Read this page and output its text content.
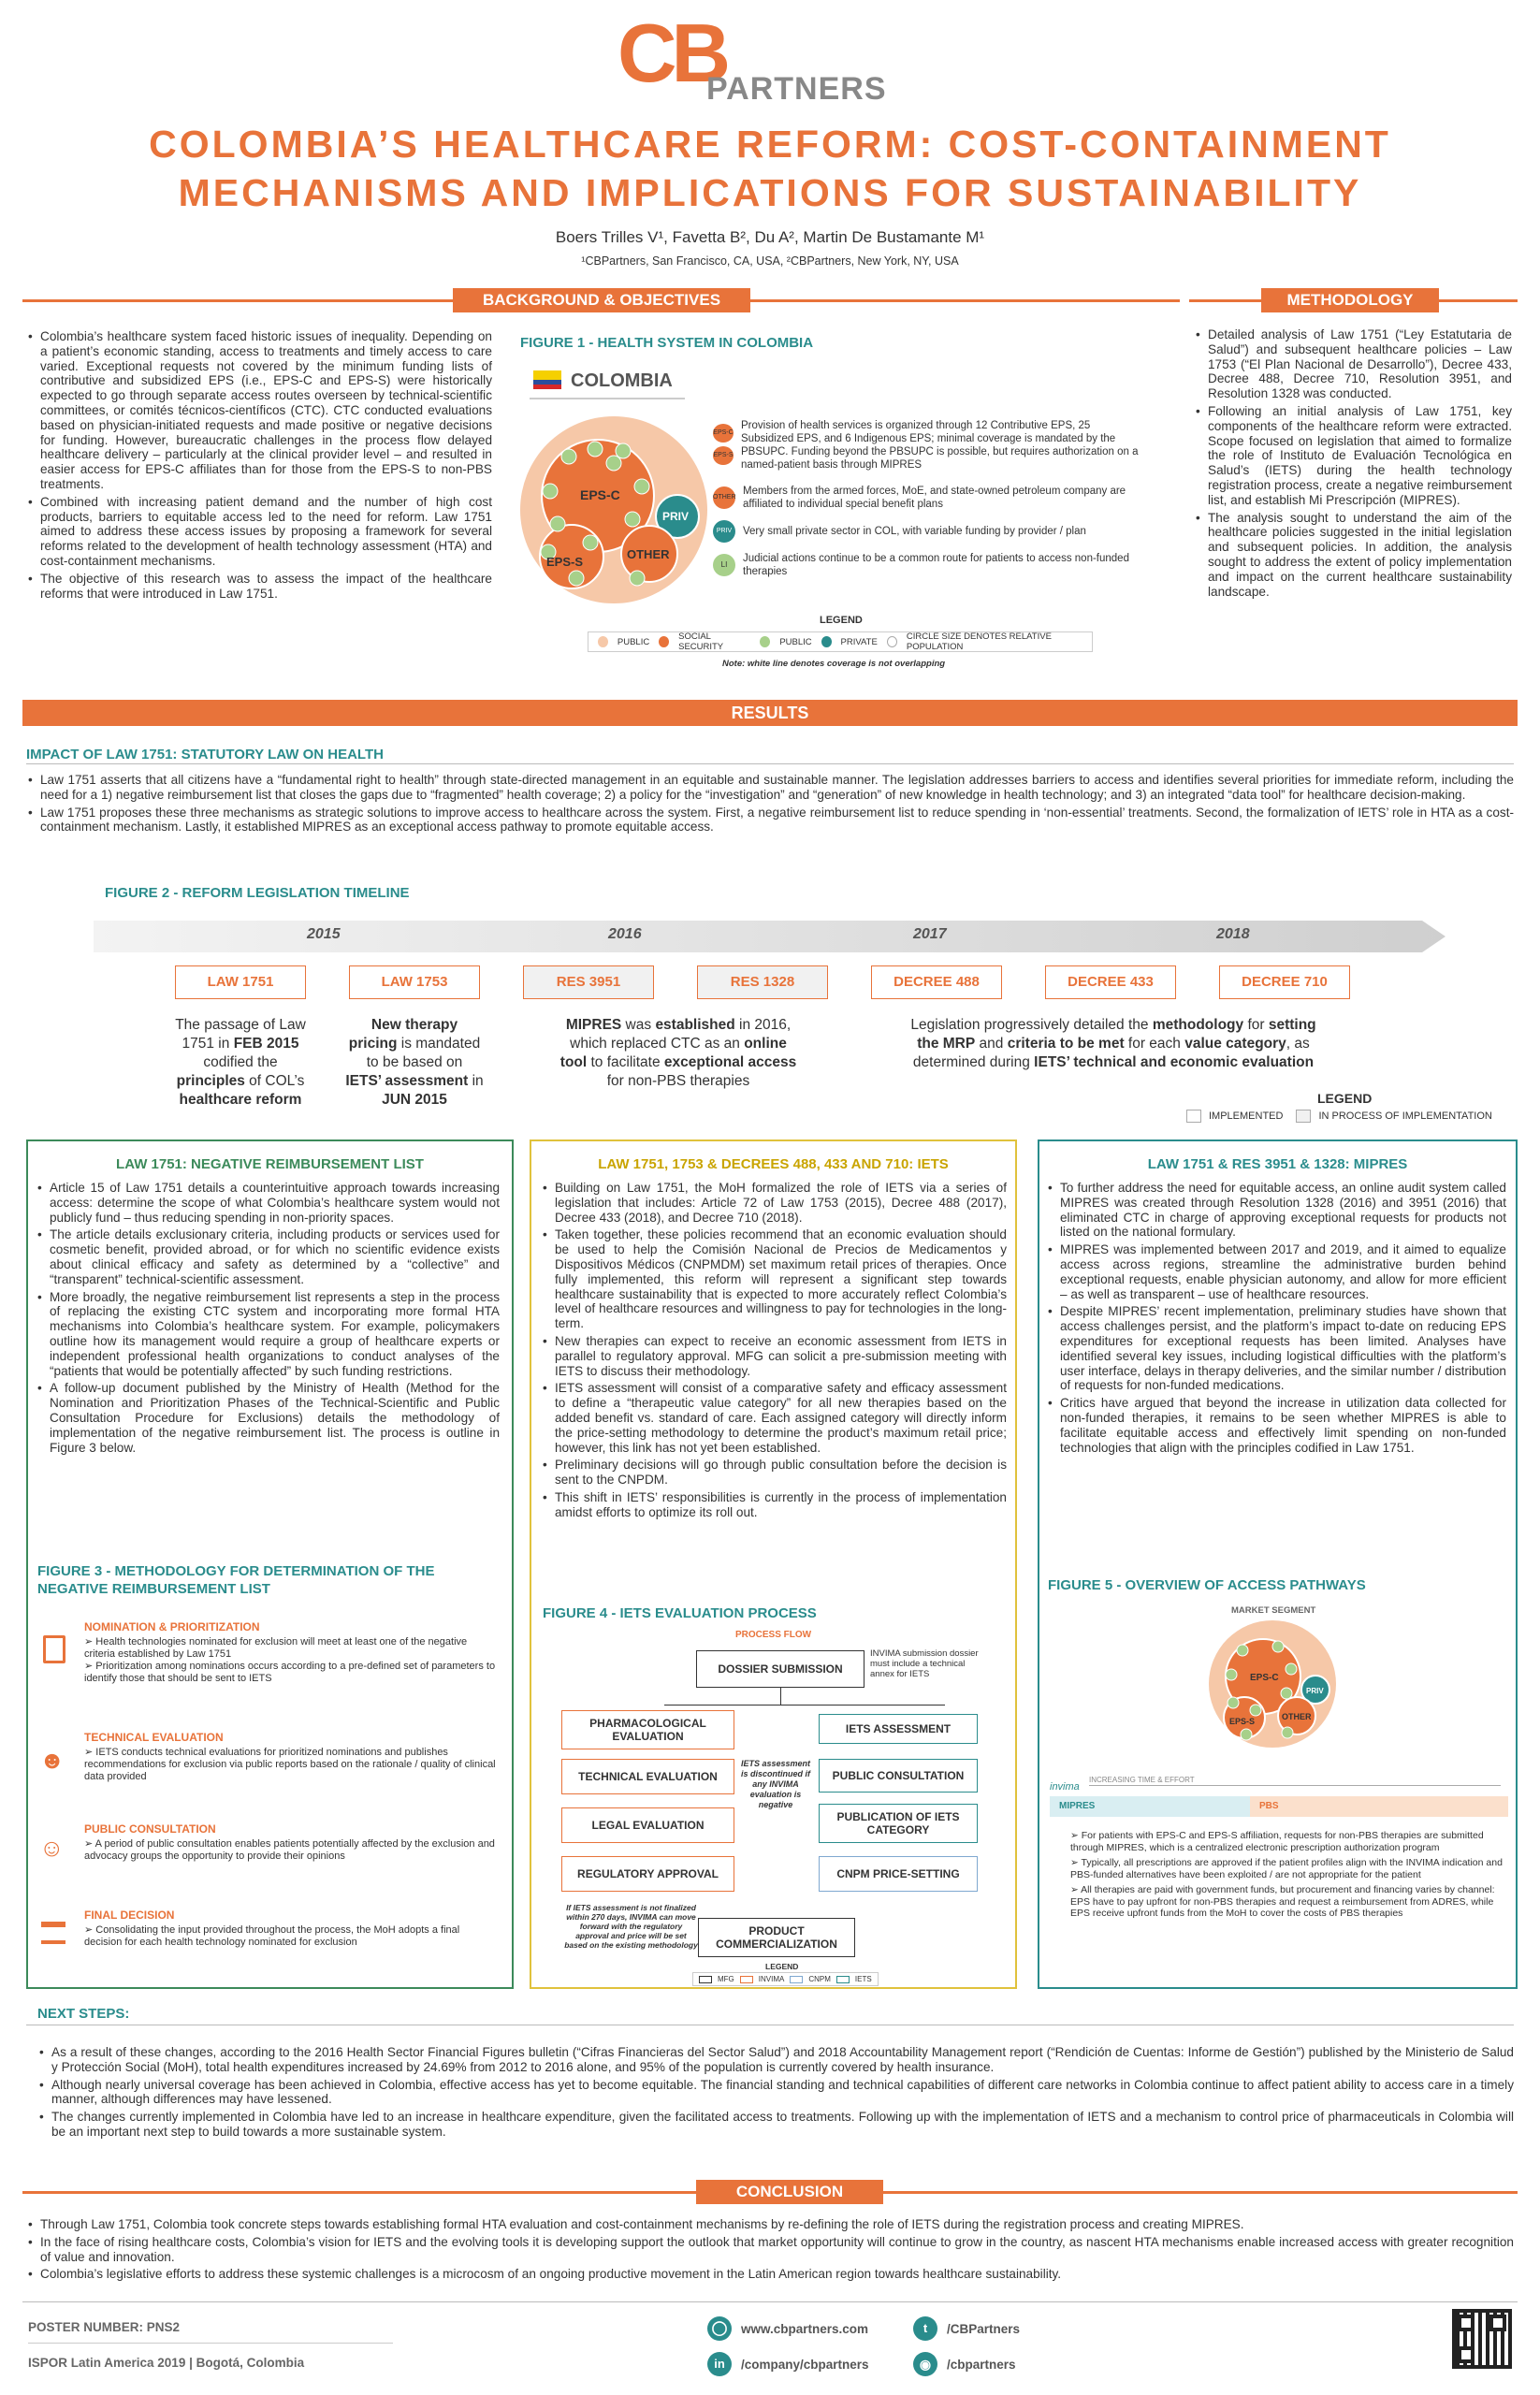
CB
PARTNERS
COLOMBIA’S HEALTHCARE REFORM: COST-CONTAINMENT
MECHANISMS AND IMPLICATIONS FOR SUSTAINABILITY
Boers Trilles V¹, Favetta B², Du A², Martin De Bustamante M¹
¹CBPartners, San Francisco, CA, USA, ²CBPartners, New York, NY, USA
BACKGROUND & OBJECTIVES	METHODOLOGY
• Colombia’s healthcare system faced historic issues of inequality. Depending on a patient’s economic standing, access to treatments and timely access to care varied. Exceptional requests not covered by the minimum funding lists of contributive and subsidized EPS (i.e., EPS-C and EPS-S) were historically expected to go through separate access routes overseen by technical-scientific committees, or comités técnicos-científicos (CTC). CTC conducted evaluations based on physician-initiated requests and made positive or negative decisions for funding. However, bureaucratic challenges in the process flow delayed healthcare delivery – particularly at the clinical provider level – and resulted in easier access for EPS-C affiliates than for those from the EPS-S to non-PBS treatments.
• Combined with increasing patient demand and the number of high cost products, barriers to equitable access led to the need for reform. Law 1751 aimed to address these access issues by proposing a framework for several reforms related to the development of health technology assessment (HTA) and cost-containment mechanisms.
• The objective of this research was to assess the impact of the healthcare reforms that were introduced in Law 1751.
FIGURE 1 - HEALTH SYSTEM IN COLOMBIA
COLOMBIA
EPS-C
EPS-S
PRIV
OTHER
EPS-C
EPS-S
Provision of health services is organized through 12 Contributive EPS, 25 Subsidized EPS, and 6 Indigenous EPS; minimal coverage is mandated by the PBSUPC. Funding beyond the PBSUPC is possible, but requires authorization on a named-patient basis through MIPRES
OTHER
Members from the armed forces, MoE, and state-owned petroleum company are affiliated to individual special benefit plans
PRIV	Very small private sector in COL, with variable funding by provider / plan
LI
Judicial actions continue to be a common route for patients to access non-funded therapies
LEGEND
PUBLIC	SOCIAL SECURITY	PUBLIC	PRIVATE	CIRCLE SIZE DENOTES RELATIVE POPULATION
Note: white line denotes coverage is not overlapping
• Detailed analysis of Law 1751 (“Ley Estatutaria de Salud”) and subsequent healthcare policies – Law 1753 (“El Plan Nacional de Desarrollo”), Decree 433, Decree 488, Decree 710, Resolution 3951, and Resolution 1328 was conducted.
• Following an initial analysis of Law 1751, key components of the healthcare reform were extracted. Scope focused on legislation that aimed to formalize the role of Instituto de Evaluación Tecnológica en Salud’s (IETS) during the health technology registration process, create a negative reimbursement list, and establish Mi Prescripción (MIPRES).
• The analysis sought to understand the aim of the healthcare policies suggested in the initial legislation and subsequent policies. In addition, the analysis sought to address the extent of policy implementation and impact on the current healthcare sustainability landscape.
RESULTS
IMPACT OF LAW 1751: STATUTORY LAW ON HEALTH
• Law 1751 asserts that all citizens have a “fundamental right to health” through state-directed management in an equitable and sustainable manner. The legislation addresses barriers to access and identifies several priorities for immediate reform, including the need for a 1) negative reimbursement list that closes the gaps due to “fragmented” health coverage; 2) a policy for the “investigation” and “generation” of new knowledge in health technology; and 3) an integrated “data tool” for healthcare decision-making.
• Law 1751 proposes these three mechanisms as strategic solutions to improve access to healthcare across the system. First, a negative reimbursement list to reduce spending in ‘non-essential’ treatments. Second, the formalization of IETS’ role in HTA as a cost-containment mechanism. Lastly, it established MIPRES as an exceptional access pathway to promote equitable access.
FIGURE 2 - REFORM LEGISLATION TIMELINE
2015	2016	2017	2018
LAW 1751	LAW 1753	RES 3951	RES 1328	DECREE 488	DECREE 433	DECREE 710
The passage of Law
1751 in FEB 2015
codified the
principles of COL’s
healthcare reform
New therapy
pricing is mandated
to be based on
IETS’ assessment in
JUN 2015
MIPRES was established in 2016,
which replaced CTC as an online
tool to facilitate exceptional access
for non-PBS therapies
Legislation progressively detailed the methodology for setting
the MRP and criteria to be met for each value category, as
determined during IETS’ technical and economic evaluation
LEGEND
IMPLEMENTED	IN PROCESS OF IMPLEMENTATION
LAW 1751: NEGATIVE REIMBURSEMENT LIST
• Article 15 of Law 1751 details a counterintuitive approach towards increasing access: determine the scope of what Colombia’s healthcare system would not publicly fund – thus reducing spending in non-priority spaces.
• The article details exclusionary criteria, including products or services used for cosmetic benefit, provided abroad, or for which no scientific evidence exists about clinical efficacy and safety as determined by a “collective” and “transparent” technical-scientific assessment.
• More broadly, the negative reimbursement list represents a step in the process of replacing the existing CTC system and incorporating more formal HTA mechanisms into Colombia’s healthcare system. For example, policymakers outline how its management would require a group of healthcare experts or independent professional health organizations to conduct analyses of the “patients that would be potentially affected” by such funding restrictions.
• A follow-up document published by the Ministry of Health (Method for the Nomination and Prioritization Phases of the Technical-Scientific and Public Consultation Procedure for Exclusions) details the methodology of implementation of the negative reimbursement list. The process is outline in Figure 3 below.
FIGURE 3 - METHODOLOGY FOR DETERMINATION OF THE
NEGATIVE REIMBURSEMENT LIST
NOMINATION & PRIORITIZATION
➢ Health technologies nominated for exclusion will meet at least one of the negative criteria established by Law 1751
➢ Prioritization among nominations occurs according to a pre-defined set of parameters to identify those that should be sent to IETS
☻
TECHNICAL EVALUATION
➢ IETS conducts technical evaluations for prioritized nominations and publishes recommendations for exclusion via public reports based on the rationale / quality of clinical data provided
☺
PUBLIC CONSULTATION
➢ A period of public consultation enables patients potentially affected by the exclusion and advocacy groups the opportunity to provide their opinions
FINAL DECISION
➢ Consolidating the input provided throughout the process, the MoH adopts a final decision for each health technology nominated for exclusion
LAW 1751, 1753 & DECREES 488, 433 AND 710: IETS
• Building on Law 1751, the MoH formalized the role of IETS via a series of legislation that includes: Article 72 of Law 1753 (2015), Decree 488 (2017), Decree 433 (2018), and Decree 710 (2018).
• Taken together, these policies recommend that an economic evaluation should be used to help the Comisión Nacional de Precios de Medicamentos y Dispositivos Médicos (CNPMDM) set maximum retail prices of therapies. Once fully implemented, this reform will represent a significant step towards healthcare sustainability that is expected to more accurately reflect Colombia’s level of healthcare resources and willingness to pay for technologies in the long-term.
• New therapies can expect to receive an economic assessment from IETS in parallel to regulatory approval. MFG can solicit a pre-submission meeting with IETS to discuss their methodology.
• IETS assessment will consist of a comparative safety and efficacy assessment to define a “therapeutic value category” for all new therapies based on the added benefit vs. standard of care. Each assigned category will directly inform the price-setting methodology to determine the product’s maximum retail price; however, this link has not yet been established.
• Preliminary decisions will go through public consultation before the decision is sent to the CNPDM.
• This shift in IETS’ responsibilities is currently in the process of implementation amidst efforts to optimize its roll out.
FIGURE 4 - IETS EVALUATION PROCESS
PROCESS FLOW
DOSSIER SUBMISSION
INVIMA submission dossier must include a technical annex for IETS
PHARMACOLOGICAL EVALUATION
TECHNICAL EVALUATION
LEGAL EVALUATION
REGULATORY APPROVAL
IETS ASSESSMENT
PUBLIC CONSULTATION
PUBLICATION OF IETS CATEGORY
CNPM PRICE-SETTING
IETS assessment is discontinued if any INVIMA evaluation is negative
If IETS assessment is not finalized within 270 days, INVIMA can move forward with the regulatory approval and price will be set based on the existing methodology
PRODUCT COMMERCIALIZATION
LEGEND
MFG	INVIMA	CNPM	IETS
LAW 1751 & RES 3951 & 1328: MIPRES
• To further address the need for equitable access, an online audit system called MIPRES was created through Resolution 1328 (2016) and 3951 (2016) that eliminated CTC in charge of approving exceptional requests for products not listed on the national formulary.
• MIPRES was implemented between 2017 and 2019, and it aimed to equalize access across regions, streamline the administrative burden behind exceptional requests, enable physician autonomy, and allow for more efficient – as well as transparent – use of healthcare resources.
• Despite MIPRES’ recent implementation, preliminary studies have shown that access challenges persist, and the platform’s impact to-date on reducing EPS expenditures for exceptional requests has been limited. Analyses have identified several key issues, including logistical difficulties with the platform’s user interface, delays in therapy deliveries, and the similar number / distribution of requests for non-funded medications.
• Critics have argued that beyond the increase in utilization data collected for non-funded therapies, it remains to be seen whether MIPRES is able to facilitate equitable access and effectively limit spending on non-funded technologies that align with the principles codified in Law 1751.
FIGURE 5 - OVERVIEW OF ACCESS PATHWAYS
MARKET SEGMENT
EPS-C
EPS-S
PRIV
OTHER
invima
INCREASING TIME & EFFORT
MIPRES	PBS
➢ For patients with EPS-C and EPS-S affiliation, requests for non-PBS therapies are submitted through MIPRES, which is a centralized electronic prescription authorization program
➢ Typically, all prescriptions are approved if the patient profiles align with the INVIMA indication and PBS-funded alternatives have been exploited / are not appropriate for the patient
➢ All therapies are paid with government funds, but procurement and financing varies by channel: EPS have to pay upfront for non-PBS therapies and request a reimbursement from ADRES, while EPS receive upfront funds from the MoH to cover the costs of PBS therapies
NEXT STEPS:
• As a result of these changes, according to the 2016 Health Sector Financial Figures bulletin (“Cifras Financieras del Sector Salud”) and 2018 Accountability Management report (“Rendición de Cuentas: Informe de Gestión”) published by the Ministerio de Salud y Protección Social (MoH), total health expenditures increased by 24.69% from 2012 to 2016 alone, and 95% of the population is currently covered by health insurance.
• Although nearly universal coverage has been achieved in Colombia, effective access has yet to become equitable. The financial standing and technical capabilities of different care networks in Colombia continue to affect patient ability to access care in a timely manner, although differences may have lessened.
• The changes currently implemented in Colombia have led to an increase in healthcare expenditure, given the facilitated access to treatments. Following up with the implementation of IETS and a mechanism to control price of pharmaceuticals in Colombia will be an important next step to build towards a more sustainable system.
CONCLUSION
• Through Law 1751, Colombia took concrete steps towards establishing formal HTA evaluation and cost-containment mechanisms by re-defining the role of IETS during the registration process and creating MIPRES.
• In the face of rising healthcare costs, Colombia’s vision for IETS and the evolving tools it is developing support the outlook that market opportunity will continue to grow in the country, as nascent HTA mechanisms enable increased access with greater recognition of value and innovation.
• Colombia’s legislative efforts to address these systemic challenges is a microcosm of an ongoing productive movement in the Latin American region towards healthcare sustainability.
POSTER NUMBER: PNS2
ISPOR Latin America 2019 | Bogotá, Colombia
◯	www.cbpartners.com	t	/CBPartners
in	/company/cbpartners	◉	/cbpartners
